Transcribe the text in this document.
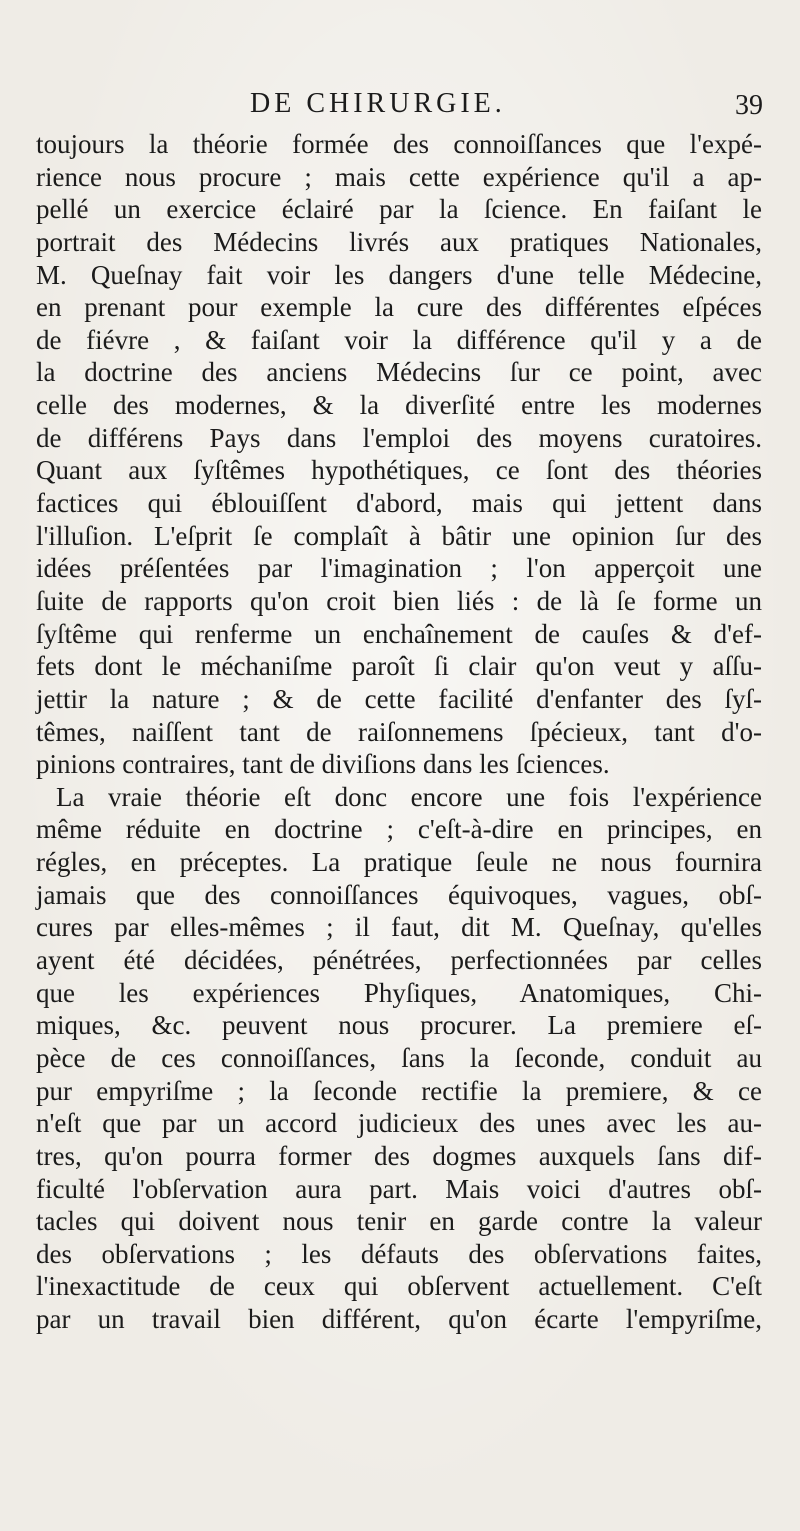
DE CHIRURGIE.	39
toujours la théorie formée des connoiſſances que l'expé-
rience nous procure ; mais cette expérience qu'il a ap-
pellé un exercice éclairé par la ſcience. En faiſant le
portrait des Médecins livrés aux pratiques Nationales,
M. Queſnay fait voir les dangers d'une telle Médecine,
en prenant pour exemple la cure des différentes eſpéces
de fiévre , & faiſant voir la différence qu'il y a de
la doctrine des anciens Médecins ſur ce point, avec
celle des modernes, & la diverſité entre les modernes
de différens Pays dans l'emploi des moyens curatoires.
Quant aux ſyſtêmes hypothétiques, ce ſont des théories
factices qui éblouiſſent d'abord, mais qui jettent dans
l'illuſion. L'eſprit ſe complaît à bâtir une opinion ſur des
idées préſentées par l'imagination ; l'on apperçoit une
ſuite de rapports qu'on croit bien liés : de là ſe forme un
ſyſtême qui renferme un enchaînement de cauſes & d'ef-
fets dont le méchaniſme paroît ſi clair qu'on veut y aſſu-
jettir la nature ; & de cette facilité d'enfanter des ſyſ-
têmes, naiſſent tant de raiſonnemens ſpécieux, tant d'o-
pinions contraires, tant de diviſions dans les ſciences.
La vraie théorie eſt donc encore une fois l'expérience
même réduite en doctrine ; c'eſt-à-dire en principes, en
régles, en préceptes. La pratique ſeule ne nous fournira
jamais que des connoiſſances équivoques, vagues, obſ-
cures par elles-mêmes ; il faut, dit M. Queſnay, qu'elles
ayent été décidées, pénétrées, perfectionnées par celles
que les expériences Phyſiques, Anatomiques, Chi-
miques, &c. peuvent nous procurer. La premiere eſ-
pèce de ces connoiſſances, ſans la ſeconde, conduit au
pur empyriſme ; la ſeconde rectifie la premiere, & ce
n'eſt que par un accord judicieux des unes avec les au-
tres, qu'on pourra former des dogmes auxquels ſans dif-
ficulté l'obſervation aura part. Mais voici d'autres obſ-
tacles qui doivent nous tenir en garde contre la valeur
des obſervations ; les défauts des obſervations faites,
l'inexactitude de ceux qui obſervent actuellement. C'eſt
par un travail bien différent, qu'on écarte l'empyriſme,
